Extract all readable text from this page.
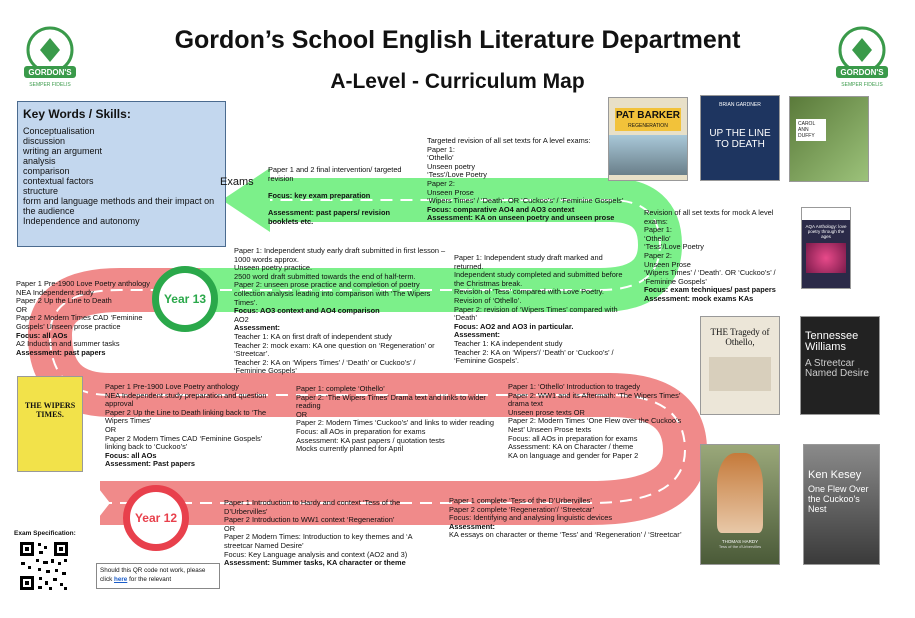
Gordon’s School English Literature Department
A-Level - Curriculum Map
GORDON'S
SEMPER FIDELIS
GORDON'S
SEMPER FIDELIS
Key Words / Skills:
Conceptualisation
discussion
writing an argument
analysis
comparison
contextual factors
structure
form and language methods and their impact on the audience
Independence and autonomy
Exams
Year 13
Year 12
Paper 1 and 2 final intervention/ targeted revision

Focus: key exam preparation

Assessment: past papers/ revision booklets etc.
Targeted revision of all set texts for A level exams:
Paper 1:
‘Othello’
Unseen poetry
‘Tess’/Love Poetry
Paper 2:
Unseen Prose
‘Wipers Times’ / ‘Death’. OR ‘Cuckoo’s’ / ‘Feminine Gospels’
Focus: comparative AO4 and AO3 context
Assessment: KA on unseen poetry and unseen prose
Revision of all set texts for mock A level exams:
Paper 1:
‘Othello’
‘Tess’/Love Poetry
Paper 2:
Unseen Prose
‘Wipers Times’ / ‘Death’. OR ‘Cuckoo’s’ /
‘Feminine Gospels’
Focus: exam techniques/ past papers
Assessment: mock exams KAs
Paper 1: Independent study early draft submitted in first lesson – 1000 words approx.
Unseen poetry practice.
2500 word draft submitted towards the end of half-term.
Paper 2: unseen prose practice and completion of poetry collection analysis leading into comparison with ‘The Wipers Times’.
Focus: AO3 context and AO4 comparison
AO2
Assessment:
Teacher 1: KA on first draft of independent study
Teacher 2: mock exam: KA one question on ‘Regeneration’ or ‘Streetcar’.
Teacher 2: KA on ‘Wipers Times’ / ‘Death’ or Cuckoo’s’ / ‘Feminine Gospels’
Paper 1: Independent study draft marked and returned.
Independent study completed and submitted before the Christmas break.
Revision of ‘Tess’ compared with Love Poetry.
Revision of ‘Othello’.
Paper 2: revision of ‘Wipers Times’ compared with ‘Death’
Focus: AO2 and AO3 in particular.
Assessment:
Teacher 1: KA independent study
Teacher 2: KA on ‘Wipers’/ ‘Death’ or ‘Cuckoo’s’ / ‘Feminine Gospels’.
Paper 1 Pre-1900 Love Poetry anthology
NEA Independent study
Paper 2 Up the Line to Death
OR
Paper 2 Modern Times CAD ‘Feminine Gospels’ Unseen prose practice
Focus: all AOs
A2 Induction and summer tasks
Assessment: past papers
Paper 1 Pre-1900 Love Poetry anthology
NEA Independent study preparation and question approval
Paper 2 Up the Line to Death linking back to ‘The Wipers Times’
OR
Paper 2 Modern Times CAD ‘Feminine Gospels’ linking back to ‘Cuckoo’s’
Focus: all AOs
Assessment: Past papers
Paper 1: complete ‘Othello’
Paper 2: ‘The Wipers Times’ Drama text and links to wider reading
OR
Paper 2: Modern Times ‘Cuckoo’s’ and links to wider reading
Focus: all AOs in preparation for exams
Assessment: KA past papers / quotation tests
Mocks currently planned for April
Paper 1: ‘Othello’ Introduction to tragedy
Paper 2: WW1 and its Aftermath: ‘The Wipers Times’ drama text
Unseen prose texts OR
Paper 2: Modern Times ‘One Flew over the Cuckoo’s Nest’ Unseen Prose texts
Focus: all AOs in preparation for exams
Assessment: KA on Character / theme
KA on language and gender for Paper 2
Paper 1 Introduction to Hardy and context ‘Tess of the D’Urbervilles’
Paper 2 Introduction to WW1 context ‘Regeneration’
OR
Paper 2 Modern Times: Introduction to key themes and ‘A streetcar Named Desire’
Focus: Key Language analysis and context (AO2 and 3)
Assessment: Summer tasks, KA character or theme
Paper 1 complete ‘Tess of the D’Urbervilles’
Paper 2 complete ‘Regeneration’/ ‘Streetcar’
Focus: Identifying and analysing linguistic devices
Assessment:
KA essays on character or theme ‘Tess’ and ‘Regeneration’ / ‘Streetcar’
Exam Specification:
Should this QR code not work, please
click here for the relevant
PAT BARKER
REGENERATION
BRIAN GARDNER
UP THE LINE TO DEATH
CAROL ANN DUFFY
AQA Anthology: love poetry through the ages
THE Tragedy of Othello,	Tennessee Williams
A Streetcar Named Desire
THOMAS HARDY
Tess of the d'Urbervilles
Ken Kesey
One Flew Over the Cuckoo's Nest
THE WIPERS TIMES.
